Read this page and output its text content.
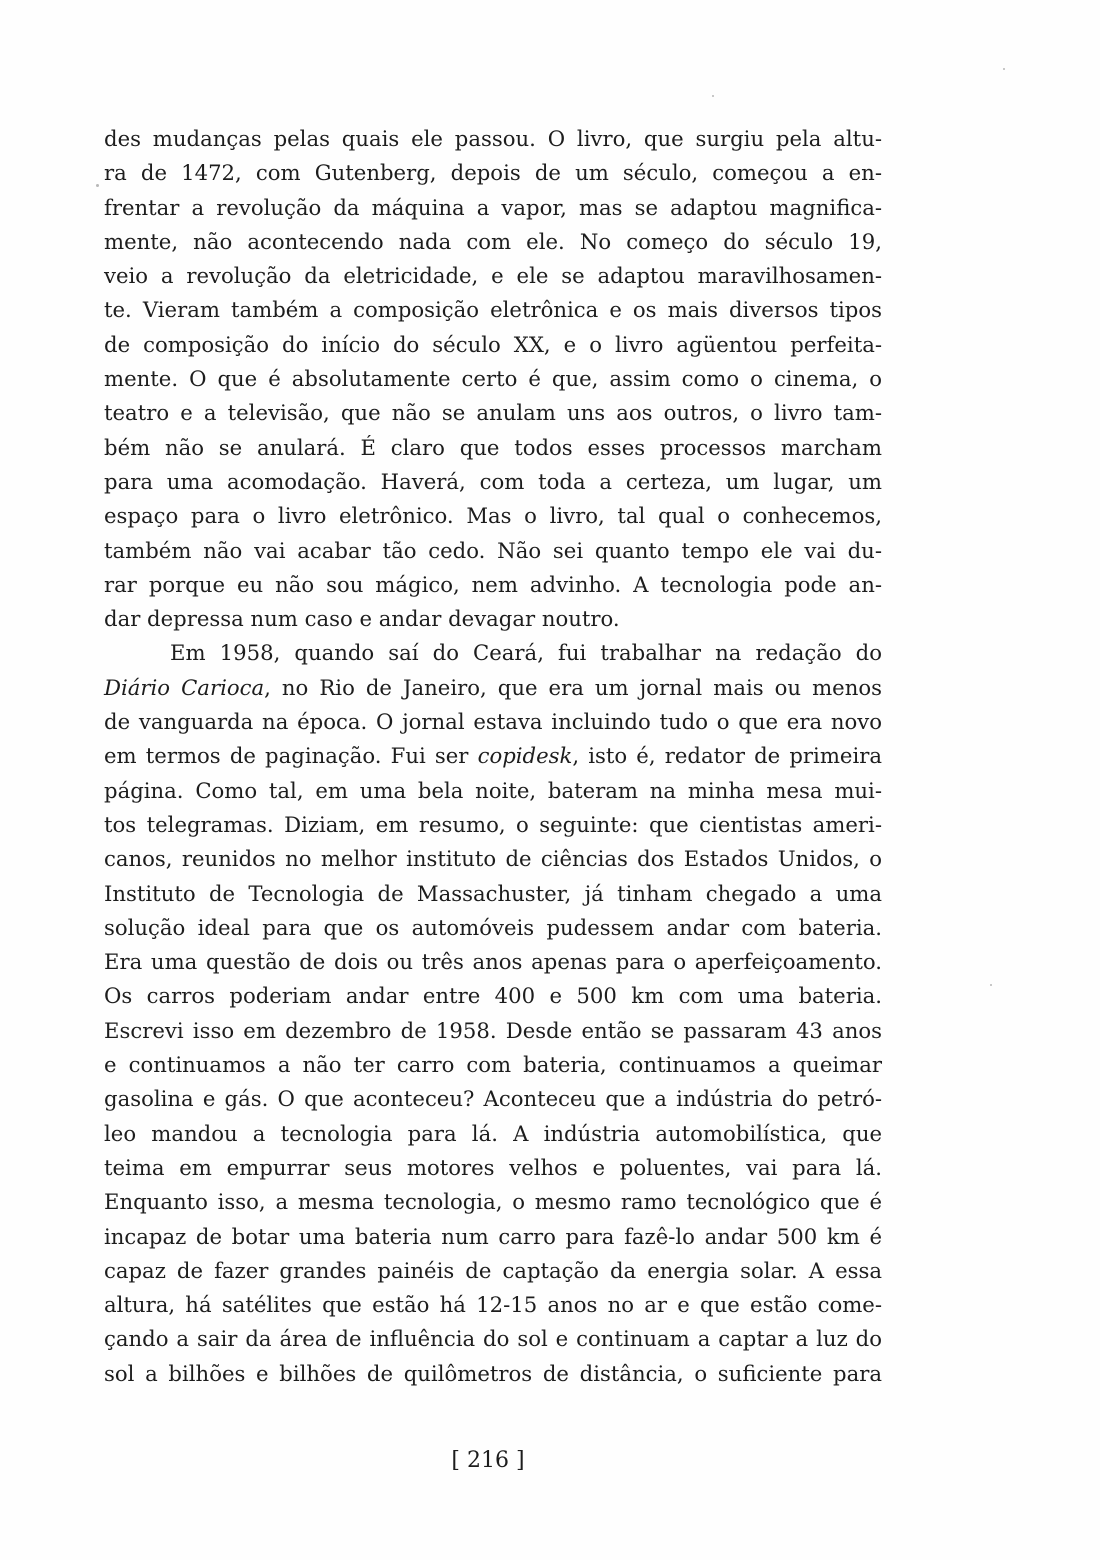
des mudanças pelas quais ele passou. O livro, que surgiu pela altu-
ra de 1472, com Gutenberg, depois de um século, começou a en-
frentar a revolução da máquina a vapor, mas se adaptou magnifica-
mente, não acontecendo nada com ele. No começo do século 19,
veio a revolução da eletricidade, e ele se adaptou maravilhosamen-
te. Vieram também a composição eletrônica e os mais diversos tipos
de composição do início do século XX, e o livro agüentou perfeita-
mente. O que é absolutamente certo é que, assim como o cinema, o
teatro e a televisão, que não se anulam uns aos outros, o livro tam-
bém não se anulará. É claro que todos esses processos marcham
para uma acomodação. Haverá, com toda a certeza, um lugar, um
espaço para o livro eletrônico. Mas o livro, tal qual o conhecemos,
também não vai acabar tão cedo. Não sei quanto tempo ele vai du-
rar porque eu não sou mágico, nem advinho. A tecnologia pode an-
dar depressa num caso e andar devagar noutro.
Em 1958, quando saí do Ceará, fui trabalhar na redação do
Diário Carioca, no Rio de Janeiro, que era um jornal mais ou menos
de vanguarda na época. O jornal estava incluindo tudo o que era novo
em termos de paginação. Fui ser copidesk, isto é, redator de primeira
página. Como tal, em uma bela noite, bateram na minha mesa mui-
tos telegramas. Diziam, em resumo, o seguinte: que cientistas ameri-
canos, reunidos no melhor instituto de ciências dos Estados Unidos, o
Instituto de Tecnologia de Massachuster, já tinham chegado a uma
solução ideal para que os automóveis pudessem andar com bateria.
Era uma questão de dois ou três anos apenas para o aperfeiçoamento.
Os carros poderiam andar entre 400 e 500 km com uma bateria.
Escrevi isso em dezembro de 1958. Desde então se passaram 43 anos
e continuamos a não ter carro com bateria, continuamos a queimar
gasolina e gás. O que aconteceu? Aconteceu que a indústria do petró-
leo mandou a tecnologia para lá. A indústria automobilística, que
teima em empurrar seus motores velhos e poluentes, vai para lá.
Enquanto isso, a mesma tecnologia, o mesmo ramo tecnológico que é
incapaz de botar uma bateria num carro para fazê-lo andar 500 km é
capaz de fazer grandes painéis de captação da energia solar. A essa
altura, há satélites que estão há 12-15 anos no ar e que estão come-
çando a sair da área de influência do sol e continuam a captar a luz do
sol a bilhões e bilhões de quilômetros de distância, o suficiente para
[ 216 ]
